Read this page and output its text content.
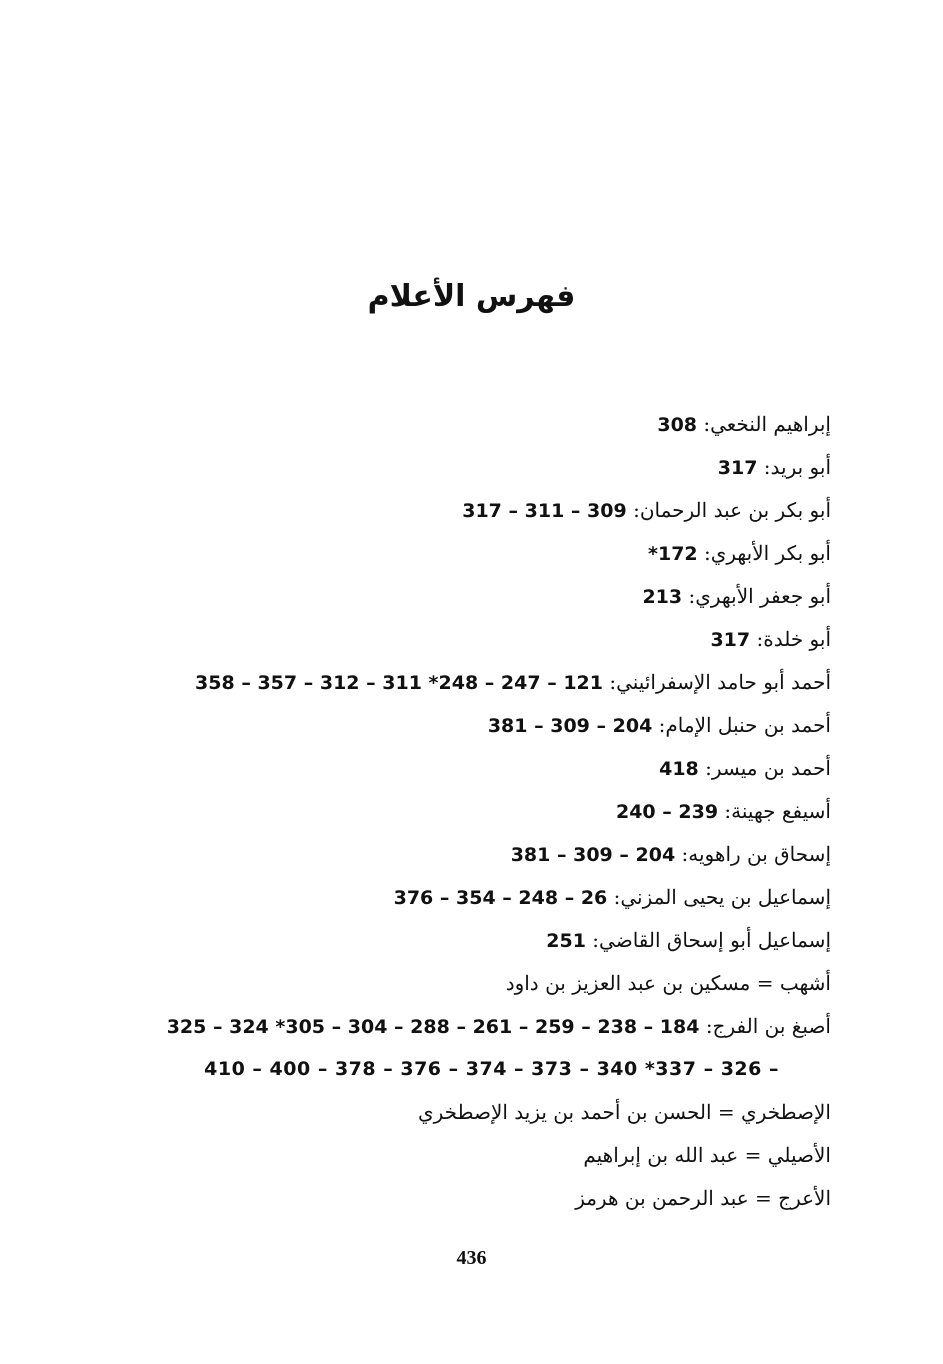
فهرس الأعلام
إبراهيم النخعي: 308
أبو بريد: 317
أبو بكر بن عبد الرحمان: 309 – 311 – 317
أبو بكر الأبهري: 172*
أبو جعفر الأبهري: 213
أبو خلدة: 317
أحمد أبو حامد الإسفرائيني: 121 – 247 – 248* 311 – 312 – 357 – 358
أحمد بن حنبل الإمام: 204 – 309 – 381
أحمد بن ميسر: 418
أسيفع جهينة: 239 – 240
إسحاق بن راهويه: 204 – 309 – 381
إسماعيل بن يحيى المزني: 26 – 248 – 354 – 376
إسماعيل أبو إسحاق القاضي: 251
أشهب = مسكين بن عبد العزيز بن داود
أصبغ بن الفرج: 184 – 238 – 259 – 261 – 288 – 304 – 305* 324 – 325
– 326 – 337* 340 – 373 – 374 – 376 – 378 – 400 – 410
الإصطخري = الحسن بن أحمد بن يزيد الإصطخري
الأصيلي = عبد الله بن إبراهيم
الأعرج = عبد الرحمن بن هرمز
436
